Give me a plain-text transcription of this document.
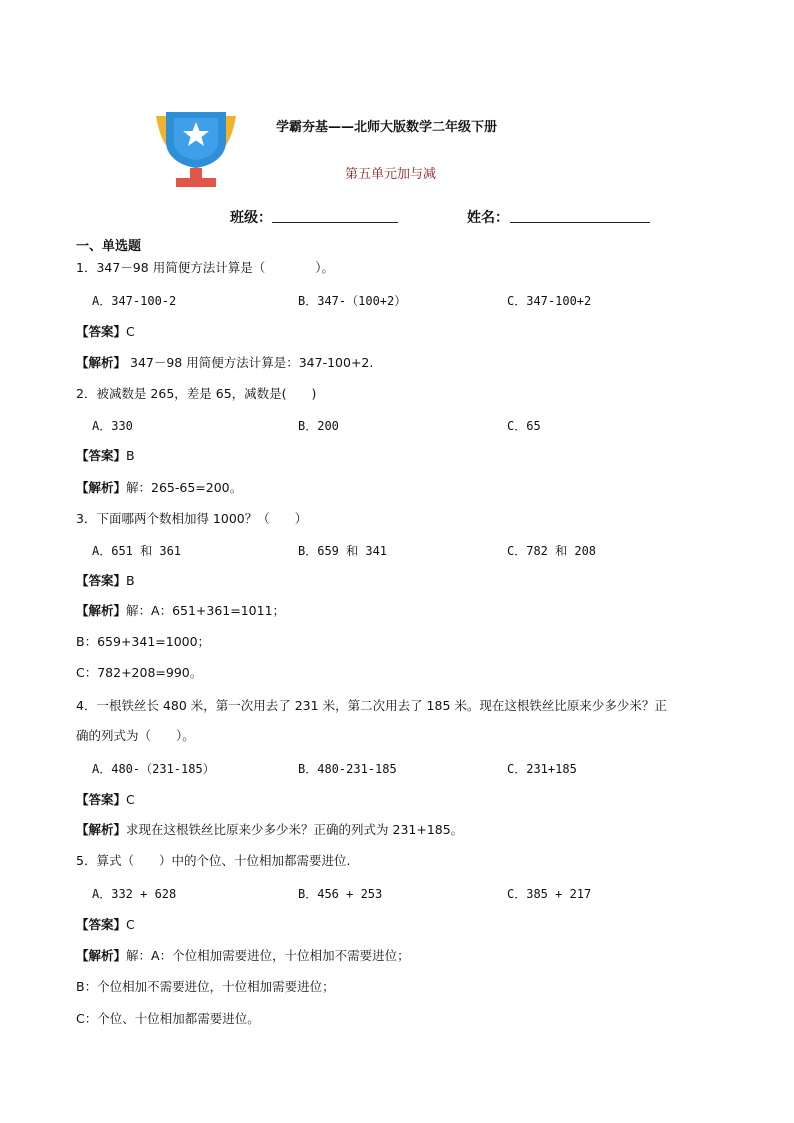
学霸夯基——北师大版数学二年级下册
第五单元加与减
班级：	姓名：
一、单选题
1．347－98 用简便方法计算是（　　　　）。
A．347-100-2	B．347-（100+2）	C．347-100+2
【答案】C
【解析】 347－98 用简便方法计算是：347-100+2.
2．被减数是 265，差是 65，减数是(　　)
A．330	B．200	C．65
【答案】B
【解析】解：265-65=200。
3．下面哪两个数相加得 1000？（　　）
A．651 和 361	B．659 和 341	C．782 和 208
【答案】B
【解析】解：A：651+361=1011；
B：659+341=1000；
C：782+208=990。
4．一根铁丝长 480 米，第一次用去了 231 米，第二次用去了 185 米。现在这根铁丝比原来少多少米？正
确的列式为（　　）。
A．480-（231-185）	B．480-231-185	C．231+185
【答案】C
【解析】求现在这根铁丝比原来少多少米？正确的列式为 231+185。
5．算式（　　）中的个位、十位相加都需要进位.
A．332 + 628	B．456 + 253	C．385 + 217
【答案】C
【解析】解：A：个位相加需要进位，十位相加不需要进位；
B：个位相加不需要进位，十位相加需要进位；
C：个位、十位相加都需要进位。
